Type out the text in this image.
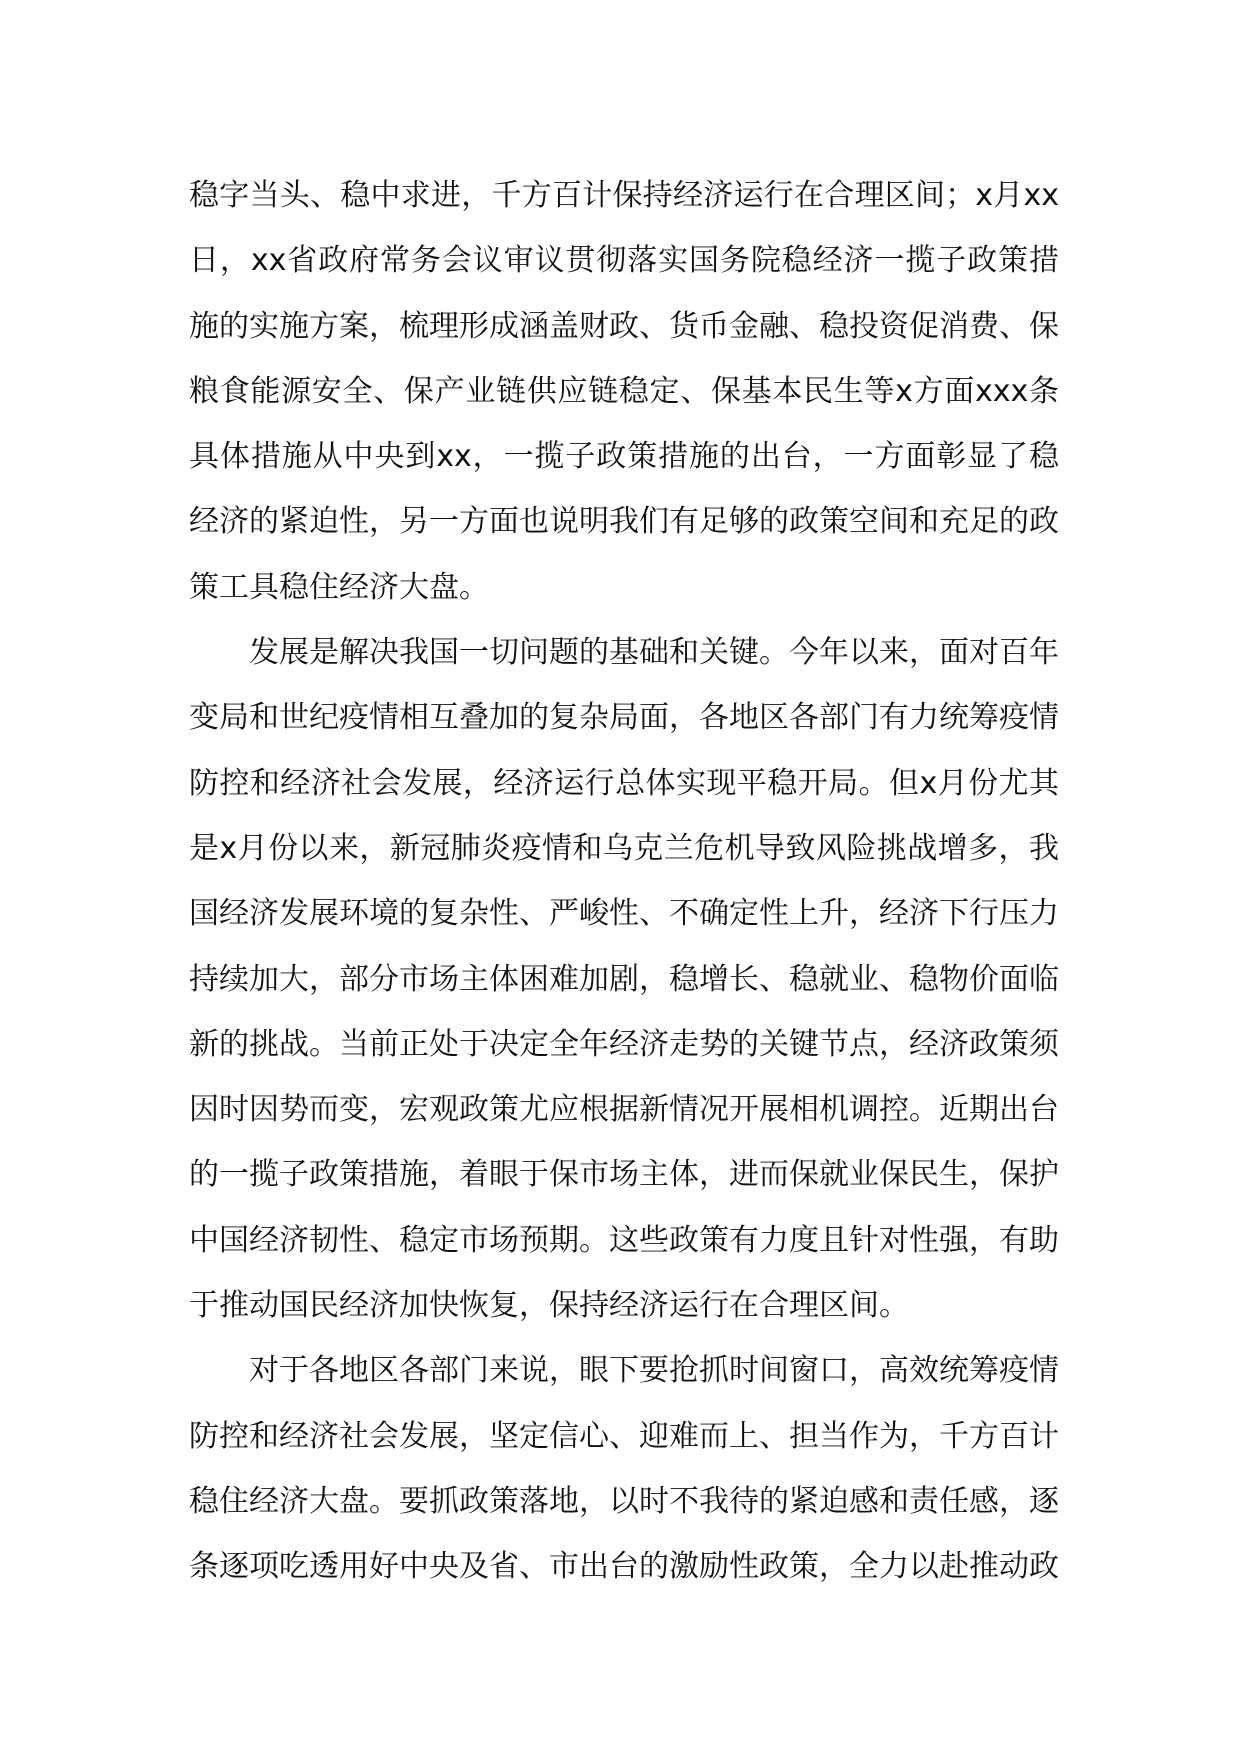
稳字当头、稳中求进，千方百计保持经济运行在合理区间；x月xx日，xx省政府常务会议审议贯彻落实国务院稳经济一揽子政策措施的实施方案，梳理形成涵盖财政、货币金融、稳投资促消费、保粮食能源安全、保产业链供应链稳定、保基本民生等x方面xxx条具体措施从中央到xx，一揽子政策措施的出台，一方面彰显了稳经济的紧迫性，另一方面也说明我们有足够的政策空间和充足的政策工具稳住经济大盘。

发展是解决我国一切问题的基础和关键。今年以来，面对百年变局和世纪疫情相互叠加的复杂局面，各地区各部门有力统筹疫情防控和经济社会发展，经济运行总体实现平稳开局。但x月份尤其是x月份以来，新冠肺炎疫情和乌克兰危机导致风险挑战增多，我国经济发展环境的复杂性、严峻性、不确定性上升，经济下行压力持续加大，部分市场主体困难加剧，稳增长、稳就业、稳物价面临新的挑战。当前正处于决定全年经济走势的关键节点，经济政策须因时因势而变，宏观政策尤应根据新情况开展相机调控。近期出台的一揽子政策措施，着眼于保市场主体，进而保就业保民生，保护中国经济韧性、稳定市场预期。这些政策有力度且针对性强，有助于推动国民经济加快恢复，保持经济运行在合理区间。

对于各地区各部门来说，眼下要抢抓时间窗口，高效统筹疫情防控和经济社会发展，坚定信心、迎难而上、担当作为，千方百计稳住经济大盘。要抓政策落地，以时不我待的紧迫感和责任感，逐条逐项吃透用好中央及省、市出台的激励性政策，全力以赴推动政
